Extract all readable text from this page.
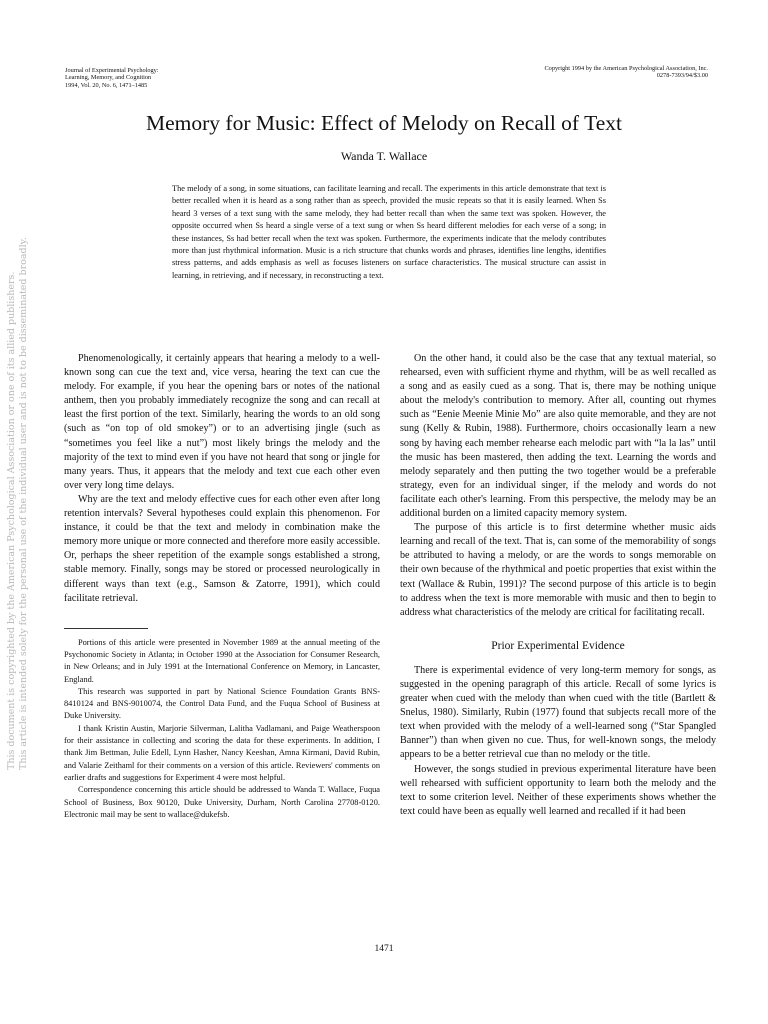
Journal of Experimental Psychology:
Learning, Memory, and Cognition
1994, Vol. 20, No. 6, 1471–1485
Copyright 1994 by the American Psychological Association, Inc.
0278-7393/94/$3.00
Memory for Music: Effect of Melody on Recall of Text
Wanda T. Wallace
The melody of a song, in some situations, can facilitate learning and recall. The experiments in this article demonstrate that text is better recalled when it is heard as a song rather than as speech, provided the music repeats so that it is easily learned. When Ss heard 3 verses of a text sung with the same melody, they had better recall than when the same text was spoken. However, the opposite occurred when Ss heard a single verse of a text sung or when Ss heard different melodies for each verse of a song; in these instances, Ss had better recall when the text was spoken. Furthermore, the experiments indicate that the melody contributes more than just rhythmical information. Music is a rich structure that chunks words and phrases, identifies line lengths, identifies stress patterns, and adds emphasis as well as focuses listeners on surface characteristics. The musical structure can assist in learning, in retrieving, and if necessary, in reconstructing a text.

Phenomenologically, it certainly appears that hearing a melody to a well-known song can cue the text and, vice versa, hearing the text can cue the melody. For example, if you hear the opening bars or notes of the national anthem, then you probably immediately recognize the song and can recall at least the first portion of the text. Similarly, hearing the words to an old song (such as “on top of old smokey”) or to an advertising jingle (such as “sometimes you feel like a nut”) most likely brings the melody and the majority of the text to mind even if you have not heard that song or jingle for many years. Thus, it appears that the melody and text cue each other even over very long time delays.

Why are the text and melody effective cues for each other even after long retention intervals? Several hypotheses could explain this phenomenon. For instance, it could be that the text and melody in combination make the memory more unique or more connected and therefore more easily accessible. Or, perhaps the sheer repetition of the example songs established a strong, stable memory. Finally, songs may be stored or processed neurologically in different ways than text (e.g., Samson & Zatorre, 1991), which could facilitate retrieval.

Portions of this article were presented in November 1989 at the annual meeting of the Psychonomic Society in Atlanta; in October 1990 at the Association for Consumer Research, in New Orleans; and in July 1991 at the International Conference on Memory, in Lancaster, England.

This research was supported in part by National Science Foundation Grants BNS-8410124 and BNS-9010074, the Control Data Fund, and the Fuqua School of Business at Duke University.

I thank Kristin Austin, Marjorie Silverman, Lalitha Vadlamani, and Paige Weatherspoon for their assistance in collecting and scoring the data for these experiments. In addition, I thank Jim Bettman, Julie Edell, Lynn Hasher, Nancy Keeshan, Amna Kirmani, David Rubin, and Valarie Zeithaml for their comments on a version of this article. Reviewers' comments on earlier drafts and suggestions for Experiment 4 were most helpful.

Correspondence concerning this article should be addressed to Wanda T. Wallace, Fuqua School of Business, Box 90120, Duke University, Durham, North Carolina 27708-0120. Electronic mail may be sent to wallace@dukefsb.

On the other hand, it could also be the case that any textual material, so rehearsed, even with sufficient rhyme and rhythm, will be as well recalled as a song and as easily cued as a song. That is, there may be nothing unique about the melody's contribution to memory. After all, counting out rhymes such as “Eenie Meenie Minie Mo” are also quite memorable, and they are not sung (Kelly & Rubin, 1988). Furthermore, choirs occasionally learn a new song by having each member rehearse each melodic part with “la la las” until the music has been mastered, then adding the text. Learning the words and melody separately and then putting the two together would be a preferable strategy, even for an individual singer, if the melody and words do not facilitate each other's learning. From this perspective, the melody may be an additional burden on a limited capacity memory system.

The purpose of this article is to first determine whether music aids learning and recall of the text. That is, can some of the memorability of songs be attributed to having a melody, or are the words to songs memorable on their own because of the rhythmical and poetic properties that exist within the text (Wallace & Rubin, 1991)? The second purpose of this article is to begin to address when the text is more memorable with music and then to begin to address what characteristics of the melody are critical for facilitating recall.

Prior Experimental Evidence

There is experimental evidence of very long-term memory for songs, as suggested in the opening paragraph of this article. Recall of some lyrics is greater when cued with the melody than when cued with the title (Bartlett & Snelus, 1980). Similarly, Rubin (1977) found that subjects recall more of the text when provided with the melody of a well-learned song (“Star Spangled Banner”) than when given no cue. Thus, for well-known songs, the melody appears to be a better retrieval cue than no melody or the title.

However, the songs studied in previous experimental literature have been well rehearsed with sufficient opportunity to learn both the melody and the text to some criterion level. Neither of these experiments shows whether the text could have been as equally well learned and recalled if it had been

1471
This document is copyrighted by the American Psychological Association or one of its allied publishers. This article is intended solely for the personal use of the individual user and is not to be disseminated broadly.
